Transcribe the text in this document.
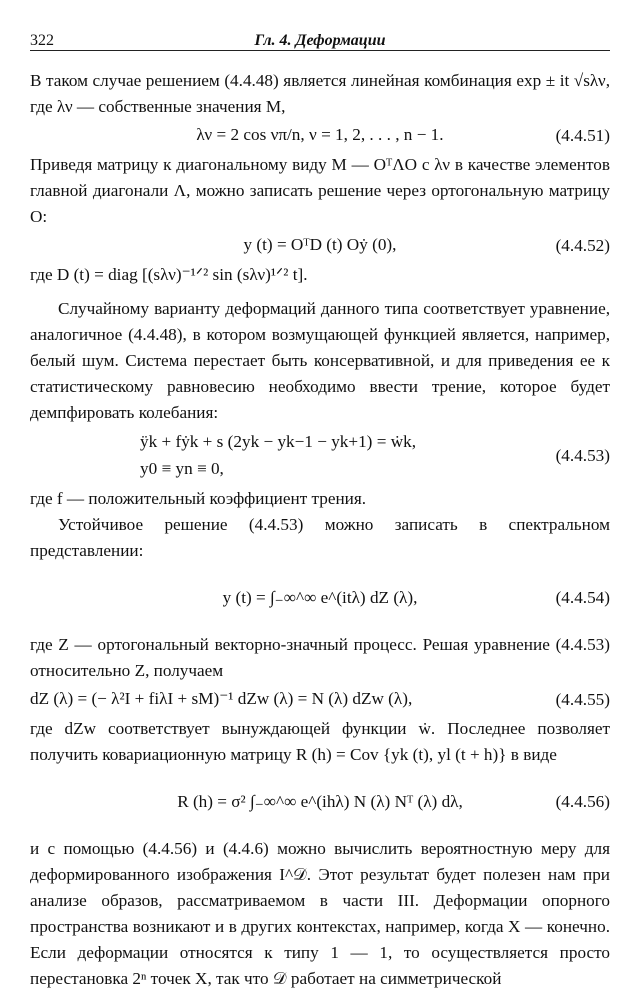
322	Гл. 4. Деформации

В таком случае решением (4.4.48) является линейная комбинация exp ± it √sλν, где λν — собственные значения M,

λν = 2 cos νπ/n, ν = 1, 2, . . . , n − 1.	(4.4.51)

Приведя матрицу к диагональному виду M — OᵀΛO с λν в качестве элементов главной диагонали Λ, можно записать решение через ортогональную матрицу O:

y (t) = OᵀD (t) Oẏ (0),	(4.4.52)

где D (t) = diag [(sλν)⁻¹ᐟ² sin (sλν)¹ᐟ² t].

Случайному варианту деформаций данного типа соответствует уравнение, аналогичное (4.4.48), в котором возмущающей функцией является, например, белый шум. Система перестает быть консервативной, и для приведения ее к статистическому равновесию необходимо ввести трение, которое будет демпфировать колебания:

ÿk + fẏk + s (2yk − yk−1 − yk+1) = ẇk,
y0 ≡ yn ≡ 0,
(4.4.53)

где f — положительный коэффициент трения.

Устойчивое решение (4.4.53) можно записать в спектральном представлении:

y (t) = ∫₋∞^∞ e^(itλ) dZ (λ),	(4.4.54)

где Z — ортогональный векторно-значный процесс. Решая уравнение (4.4.53) относительно Z, получаем

dZ (λ) = (− λ²I + fiλI + sM)⁻¹ dZw (λ) = N (λ) dZw (λ),	(4.4.55)

где dZw соответствует вынуждающей функции ẇ. Последнее позволяет получить ковариационную матрицу R (h) = Cov {yk (t), yl (t + h)} в виде

R (h) = σ² ∫₋∞^∞ e^(ihλ) N (λ) Nᵀ (λ) dλ,	(4.4.56)

и с помощью (4.4.56) и (4.4.6) можно вычислить вероятностную меру для деформированного изображения I^𝒟. Этот результат будет полезен нам при анализе образов, рассматриваемом в части III. Деформации опорного пространства возникают и в других контекстах, например, когда X — конечно. Если деформации относятся к типу 1 — 1, то осуществляется просто перестановка 2ⁿ точек X, так что 𝒟 работает на симметрической
